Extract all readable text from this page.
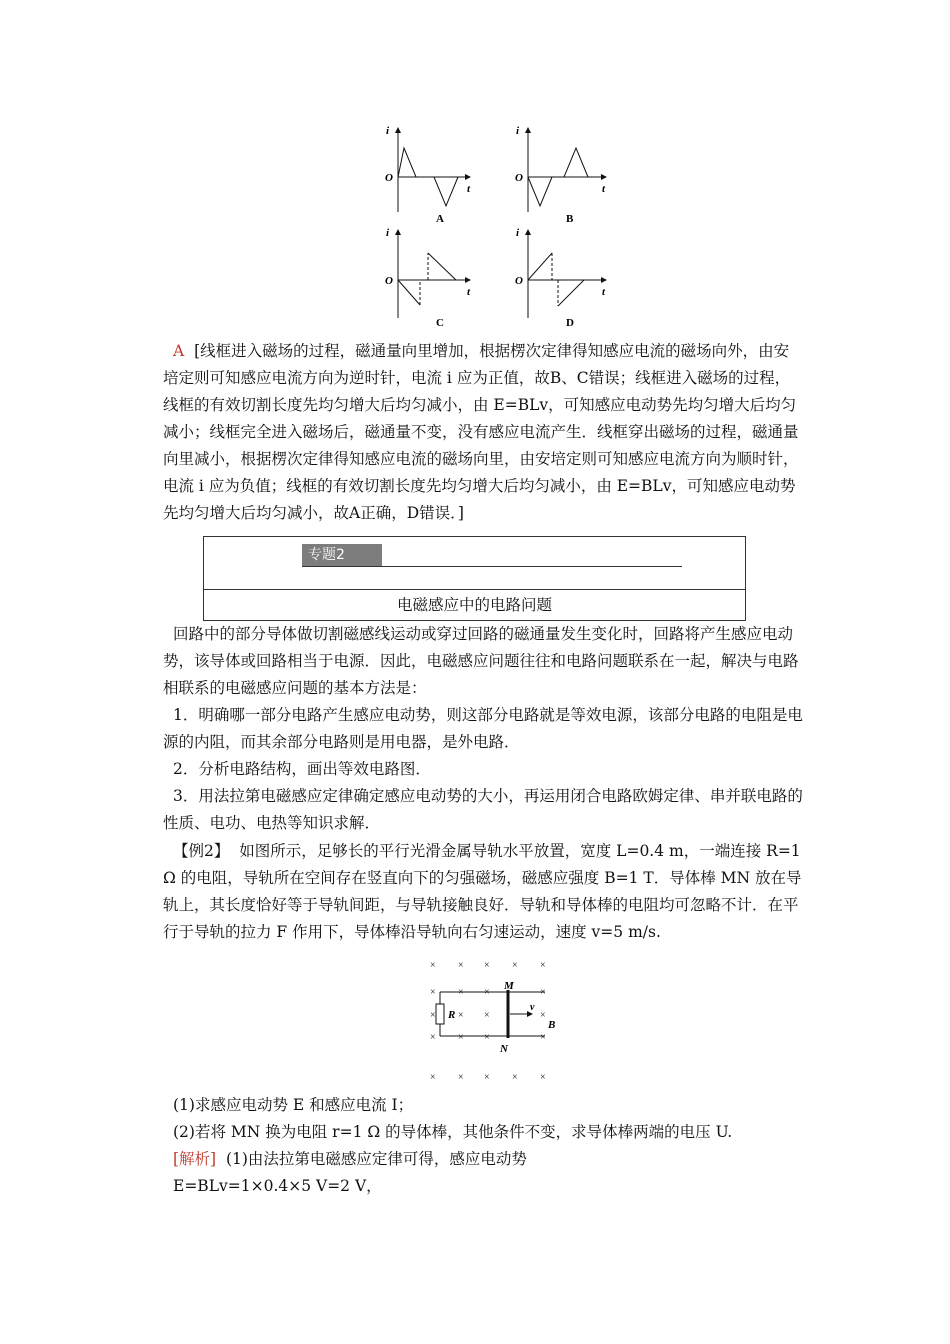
i
O
t
A
i
O
t
B
i
O
t
C
i
O
t
D

A [线框进入磁场的过程，磁通量向里增加，根据楞次定律得知感应电流的磁场向外，由安培定则可知感应电流方向为逆时针，电流 i 应为正值，故B、C错误；线框进入磁场的过程，线框的有效切割长度先均匀增大后均匀减小，由 E=BLv，可知感应电动势先均匀增大后均匀减小；线框完全进入磁场后，磁通量不变，没有感应电流产生．线框穿出磁场的过程，磁通量向里减小，根据楞次定律得知感应电流的磁场向里，由安培定则可知感应电流方向为顺时针，电流 i 应为负值；线框的有效切割长度先均匀增大后均匀减小，由 E=BLv，可知感应电动势先均匀增大后均匀减小，故A正确，D错误．]

专题2
电磁感应中的电路问题

回路中的部分导体做切割磁感线运动或穿过回路的磁通量发生变化时，回路将产生感应电动势，该导体或回路相当于电源．因此，电磁感应问题往往和电路问题联系在一起，解决与电路相联系的电磁感应问题的基本方法是：

1．明确哪一部分电路产生感应电动势，则这部分电路就是等效电源，该部分电路的电阻是电源的内阻，而其余部分电路则是用电器，是外电路．

2．分析电路结构，画出等效电路图．

3．用法拉第电磁感应定律确定感应电动势的大小，再运用闭合电路欧姆定律、串并联电路的性质、电功、电热等知识求解．

【例2】 如图所示，足够长的平行光滑金属导轨水平放置，宽度 L=0.4 m，一端连接 R=1 Ω 的电阻，导轨所在空间存在竖直向下的匀强磁场，磁感应强度 B=1 T．导体棒 MN 放在导轨上，其长度恰好等于导轨间距，与导轨接触良好．导轨和导体棒的电阻均可忽略不计．在平行于导轨的拉力 F 作用下，导体棒沿导轨向右匀速运动，速度 v=5 m/s.

× × × × ×
× × ×	×
× × ×	×
× × ×	×
× × × × ×
M
N
R
v
B

(1)求感应电动势 E 和感应电流 I；

(2)若将 MN 换为电阻 r=1 Ω 的导体棒，其他条件不变，求导体棒两端的电压 U.

[解析] (1)由法拉第电磁感应定律可得，感应电动势

E=BLv=1×0.4×5 V=2 V，
